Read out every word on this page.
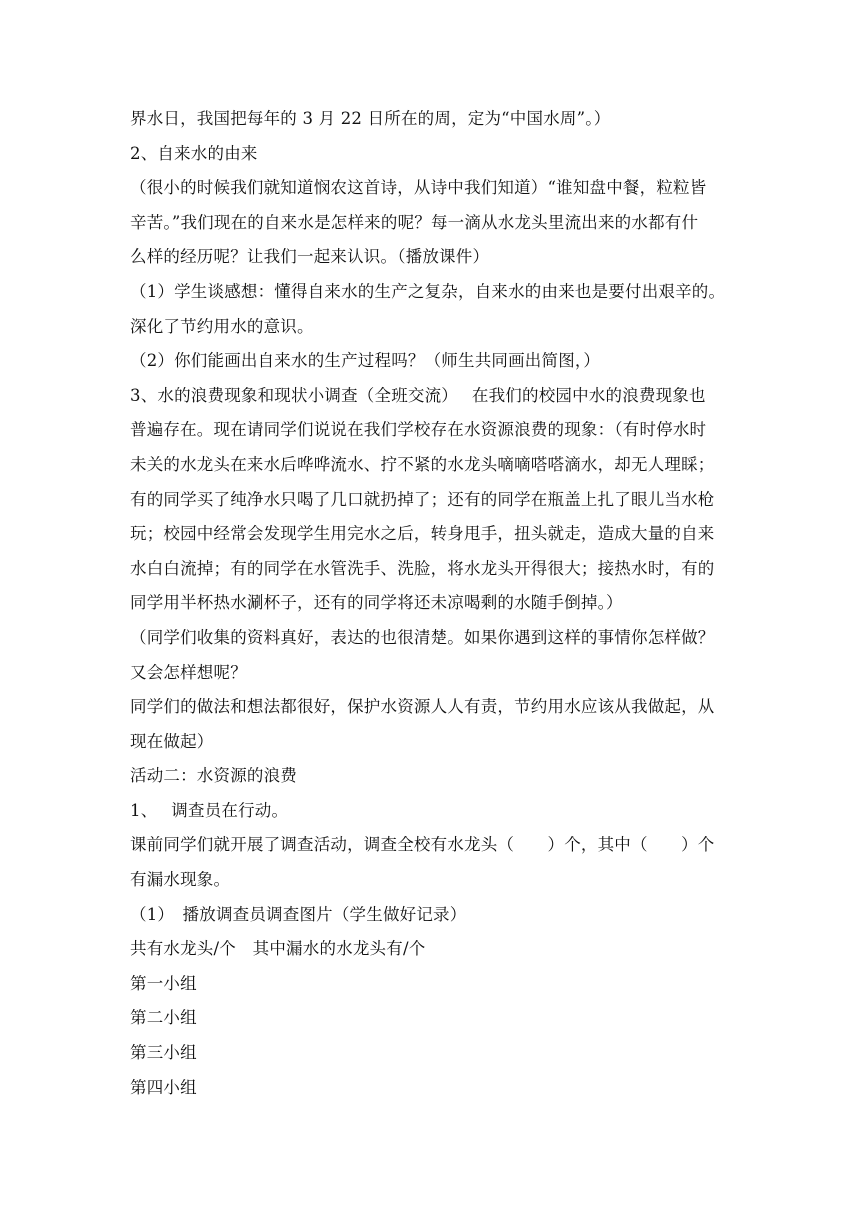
界水日，我国把每年的 3 月 22 日所在的周，定为“中国水周”。）

2、自来水的由来

（很小的时候我们就知道悯农这首诗，从诗中我们知道）“谁知盘中餐，粒粒皆

辛苦。”我们现在的自来水是怎样来的呢？每一滴从水龙头里流出来的水都有什

么样的经历呢？让我们一起来认识。（播放课件）

（1）学生谈感想：懂得自来水的生产之复杂，自来水的由来也是要付出艰辛的。

深化了节约用水的意识。

（2）你们能画出自来水的生产过程吗？（师生共同画出简图，）

3、水的浪费现象和现状小调查（全班交流）　 在我们的校园中水的浪费现象也

普遍存在。现在请同学们说说在我们学校存在水资源浪费的现象：（有时停水时

未关的水龙头在来水后哗哗流水、拧不紧的水龙头嘀嘀嗒嗒滴水，却无人理睬；

有的同学买了纯净水只喝了几口就扔掉了；还有的同学在瓶盖上扎了眼儿当水枪

玩；校园中经常会发现学生用完水之后，转身甩手，扭头就走，造成大量的自来

水白白流掉；有的同学在水管洗手、洗脸，将水龙头开得很大；接热水时，有的

同学用半杯热水涮杯子，还有的同学将还未凉喝剩的水随手倒掉。）

（同学们收集的资料真好，表达的也很清楚。如果你遇到这样的事情你怎样做？

又会怎样想呢？

同学们的做法和想法都很好，保护水资源人人有责，节约用水应该从我做起，从

现在做起）

活动二：水资源的浪费

1、　 调查员在行动。

课前同学们就开展了调查活动，调查全校有水龙头（　　）个，其中（　　）个

有漏水现象。

（1）　播放调查员调查图片（学生做好记录）

共有水龙头/个　其中漏水的水龙头有/个

第一小组

第二小组

第三小组

第四小组
